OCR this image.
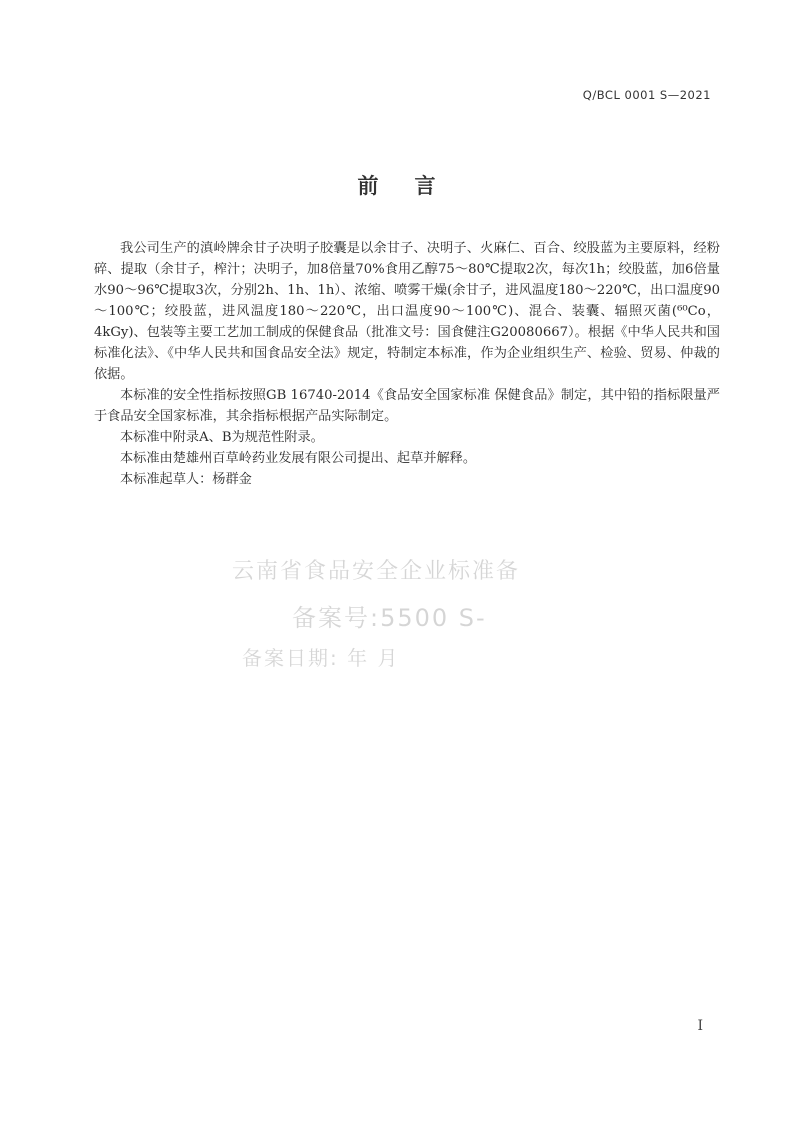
Q/BCL 0001 S—2021
前言

我公司生产的滇岭牌余甘子决明子胶囊是以余甘子、决明子、火麻仁、百合、绞股蓝为主要原料，经粉碎、提取（余甘子，榨汁；决明子，加8倍量70%食用乙醇75～80℃提取2次，每次1h；绞股蓝，加6倍量水90～96℃提取3次，分别2h、1h、1h）、浓缩、喷雾干燥(余甘子，进风温度180～220℃，出口温度90～100℃；绞股蓝，进风温度180～220℃，出口温度90～100℃)、混合、装囊、辐照灭菌(⁶⁰Co，4kGy)、包装等主要工艺加工制成的保健食品（批准文号：国食健注G20080667）。根据《中华人民共和国标准化法》、《中华人民共和国食品安全法》规定，特制定本标准，作为企业组织生产、检验、贸易、仲裁的依据。

本标准的安全性指标按照GB 16740-2014《食品安全国家标准 保健食品》制定，其中铅的指标限量严于食品安全国家标准，其余指标根据产品实际制定。

本标准中附录A、B为规范性附录。

本标准由楚雄州百草岭药业发展有限公司提出、起草并解释。

本标准起草人：杨群金

云南省食品安全企业标准备
备案号:5500 S-
备案日期: 年 月
I
